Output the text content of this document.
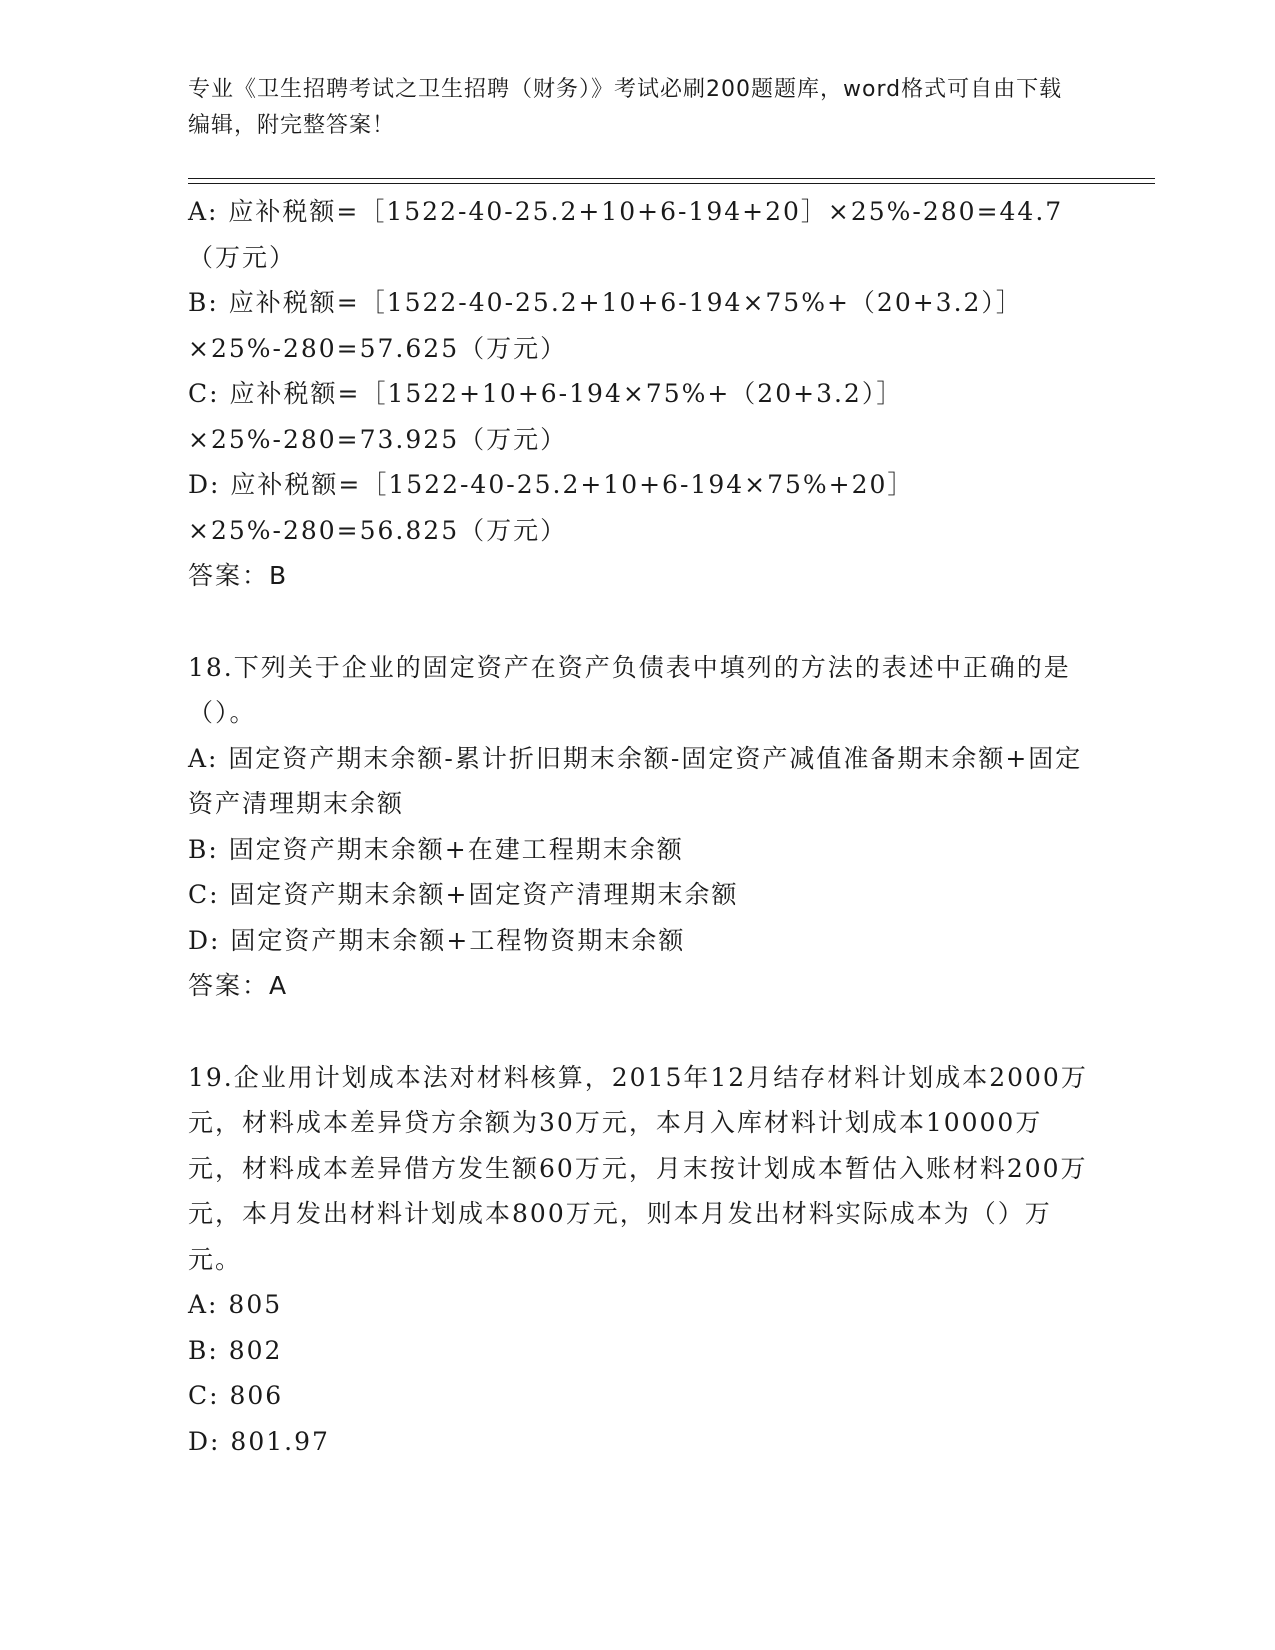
专业《卫生招聘考试之卫生招聘（财务）》考试必刷200题题库，word格式可自由下载编辑，附完整答案！

A: 应补税额=［1522-40-25.2+10+6-194+20］×25%-280=44.7（万元）

B: 应补税额=［1522-40-25.2+10+6-194×75%+（20+3.2）］×25%-280=57.625（万元）

C: 应补税额=［1522+10+6-194×75%+（20+3.2）］×25%-280=73.925（万元）

D: 应补税额=［1522-40-25.2+10+6-194×75%+20］×25%-280=56.825（万元）

答案：B

18.下列关于企业的固定资产在资产负债表中填列的方法的表述中正确的是（）。

A: 固定资产期末余额-累计折旧期末余额-固定资产减值准备期末余额+固定资产清理期末余额

B: 固定资产期末余额+在建工程期末余额

C: 固定资产期末余额+固定资产清理期末余额

D: 固定资产期末余额+工程物资期末余额

答案：A

19.企业用计划成本法对材料核算，2015年12月结存材料计划成本2000万元，材料成本差异贷方余额为30万元，本月入库材料计划成本10000万元，材料成本差异借方发生额60万元，月末按计划成本暂估入账材料200万元，本月发出材料计划成本800万元，则本月发出材料实际成本为（）万元。

A: 805

B: 802

C: 806

D: 801.97
